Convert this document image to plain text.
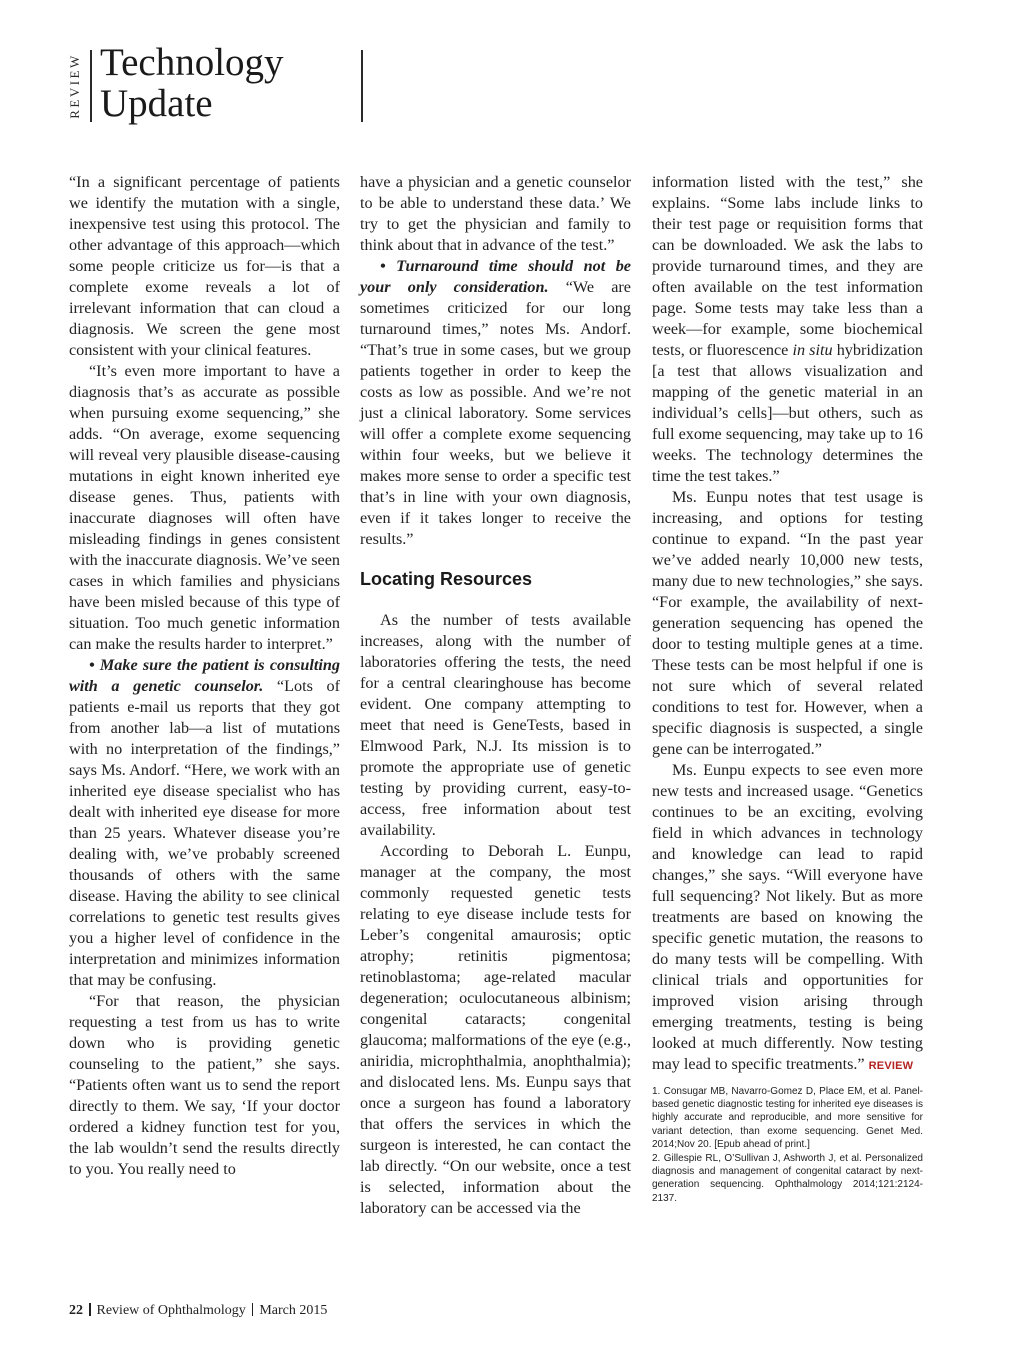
REVIEW Technology
Update

“In a significant percentage of patients we identify the mutation with a single, inexpensive test using this protocol. The other advantage of this approach—which some people criticize us for—is that a complete exome reveals a lot of irrelevant information that can cloud a diagnosis. We screen the gene most consistent with your clinical features.

“It’s even more important to have a diagnosis that’s as accurate as possible when pursuing exome sequencing,” she adds. “On average, exome sequencing will reveal very plausible disease-causing mutations in eight known inherited eye disease genes. Thus, patients with inaccurate diagnoses will often have misleading findings in genes consistent with the inaccurate diagnosis. We’ve seen cases in which families and physicians have been misled because of this type of situation. Too much genetic information can make the results harder to interpret.”

• Make sure the patient is consulting with a genetic counselor. “Lots of patients e-mail us reports that they got from another lab—a list of mutations with no interpretation of the findings,” says Ms. Andorf. “Here, we work with an inherited eye disease specialist who has dealt with inherited eye disease for more than 25 years. Whatever disease you’re dealing with, we’ve probably screened thousands of others with the same disease. Having the ability to see clinical correlations to genetic test results gives you a higher level of confidence in the interpretation and minimizes information that may be confusing.

“For that reason, the physician requesting a test from us has to write down who is providing genetic counseling to the patient,” she says. “Patients often want us to send the report directly to them. We say, ‘If your doctor ordered a kidney function test for you, the lab wouldn’t send the results directly to you. You really need to

have a physician and a genetic counselor to be able to understand these data.’ We try to get the physician and family to think about that in advance of the test.”

• Turnaround time should not be your only consideration. “We are sometimes criticized for our long turnaround times,” notes Ms. Andorf. “That’s true in some cases, but we group patients together in order to keep the costs as low as possible. And we’re not just a clinical laboratory. Some services will offer a complete exome sequencing within four weeks, but we believe it makes more sense to order a specific test that’s in line with your own diagnosis, even if it takes longer to receive the results.”

Locating Resources

As the number of tests available increases, along with the number of laboratories offering the tests, the need for a central clearinghouse has become evident. One company attempting to meet that need is GeneTests, based in Elmwood Park, N.J. Its mission is to promote the appropriate use of genetic testing by providing current, easy-to-access, free information about test availability.

According to Deborah L. Eunpu, manager at the company, the most commonly requested genetic tests relating to eye disease include tests for Leber’s congenital amaurosis; optic atrophy; retinitis pigmentosa; retinoblastoma; age-related macular degeneration; oculocutaneous albinism; congenital cataracts; congenital glaucoma; malformations of the eye (e.g., aniridia, microphthalmia, anophthalmia); and dislocated lens. Ms. Eunpu says that once a surgeon has found a laboratory that offers the services in which the surgeon is interested, he can contact the lab directly. “On our website, once a test is selected, information about the laboratory can be accessed via the

information listed with the test,” she explains. “Some labs include links to their test page or requisition forms that can be downloaded. We ask the labs to provide turnaround times, and they are often available on the test information page. Some tests may take less than a week—for example, some biochemical tests, or fluorescence in situ hybridization [a test that allows visualization and mapping of the genetic material in an individual’s cells]—but others, such as full exome sequencing, may take up to 16 weeks. The technology determines the time the test takes.”

Ms. Eunpu notes that test usage is increasing, and options for testing continue to expand. “In the past year we’ve added nearly 10,000 new tests, many due to new technologies,” she says. “For example, the availability of next-generation sequencing has opened the door to testing multiple genes at a time. These tests can be most helpful if one is not sure which of several related conditions to test for. However, when a specific diagnosis is suspected, a single gene can be interrogated.”

Ms. Eunpu expects to see even more new tests and increased usage. “Genetics continues to be an exciting, evolving field in which advances in technology and knowledge can lead to rapid changes,” she says. “Will everyone have full sequencing? Not likely. But as more treatments are based on knowing the specific genetic mutation, the reasons to do many tests will be compelling. With clinical trials and opportunities for improved vision arising through emerging treatments, testing is being looked at much differently. Now testing may lead to specific treatments.” REVIEW

1. Consugar MB, Navarro-Gomez D, Place EM, et al. Panel-based genetic diagnostic testing for inherited eye diseases is highly accurate and reproducible, and more sensitive for variant detection, than exome sequencing. Genet Med. 2014;Nov 20. [Epub ahead of print.]

2. Gillespie RL, O’Sullivan J, Ashworth J, et al. Personalized diagnosis and management of congenital cataract by next-generation sequencing. Ophthalmology 2014;121:2124-2137.

22 Review of Ophthalmology March 2015
